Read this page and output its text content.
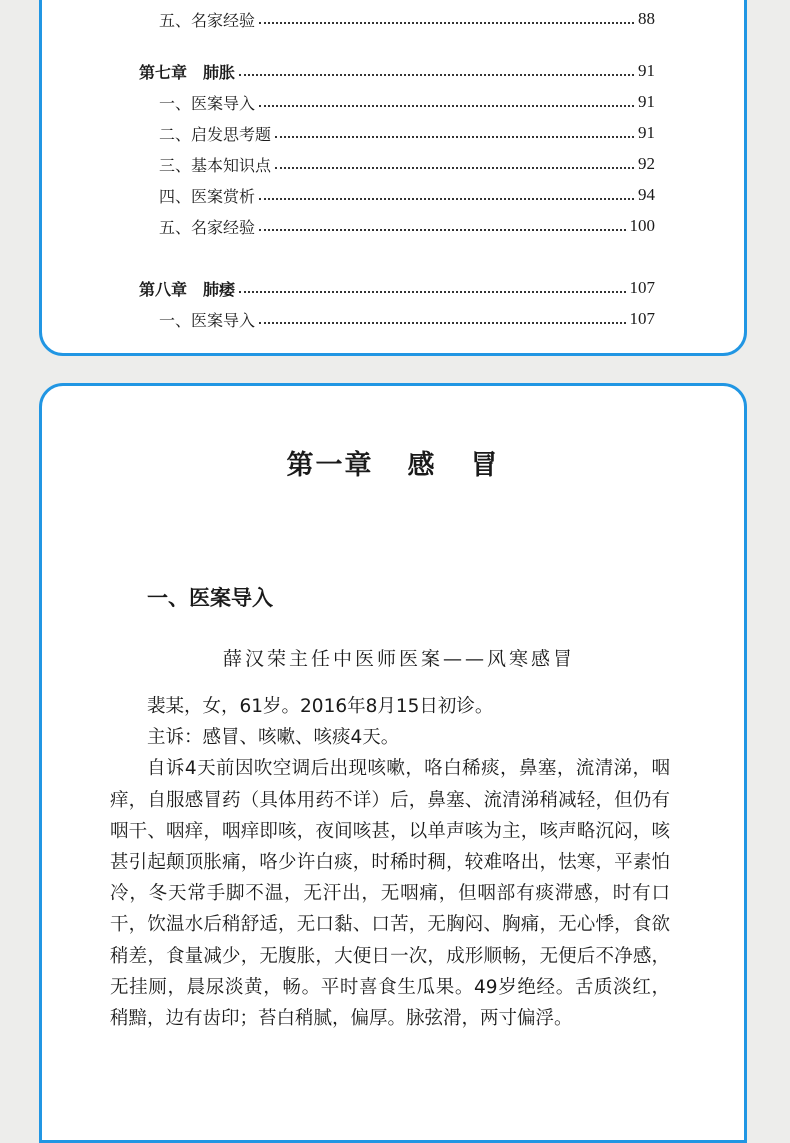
五、名家经验	88
第七章　肺胀	91
一、医案导入	91
二、启发思考题	91
三、基本知识点	92
四、医案赏析	94
五、名家经验	100
第八章　肺痿	107
一、医案导入	107
第一章 感 冒
一、医案导入
薛汉荣主任中医师医案——风寒感冒

裴某，女，61岁。2016年8月15日初诊。

主诉：感冒、咳嗽、咳痰4天。

自诉4天前因吹空调后出现咳嗽，咯白稀痰，鼻塞，流清涕，咽痒，自服感冒药（具体用药不详）后，鼻塞、流清涕稍减轻，但仍有咽干、咽痒，咽痒即咳，夜间咳甚，以单声咳为主，咳声略沉闷，咳甚引起颠顶胀痛，咯少许白痰，时稀时稠，较难咯出，怯寒，平素怕冷，冬天常手脚不温，无汗出，无咽痛，但咽部有痰滞感，时有口干，饮温水后稍舒适，无口黏、口苦，无胸闷、胸痛，无心悸，食欲稍差，食量减少，无腹胀，大便日一次，成形顺畅，无便后不净感，无挂厕，晨尿淡黄，畅。平时喜食生瓜果。49岁绝经。舌质淡红，稍黯，边有齿印；苔白稍腻，偏厚。脉弦滑，两寸偏浮。
